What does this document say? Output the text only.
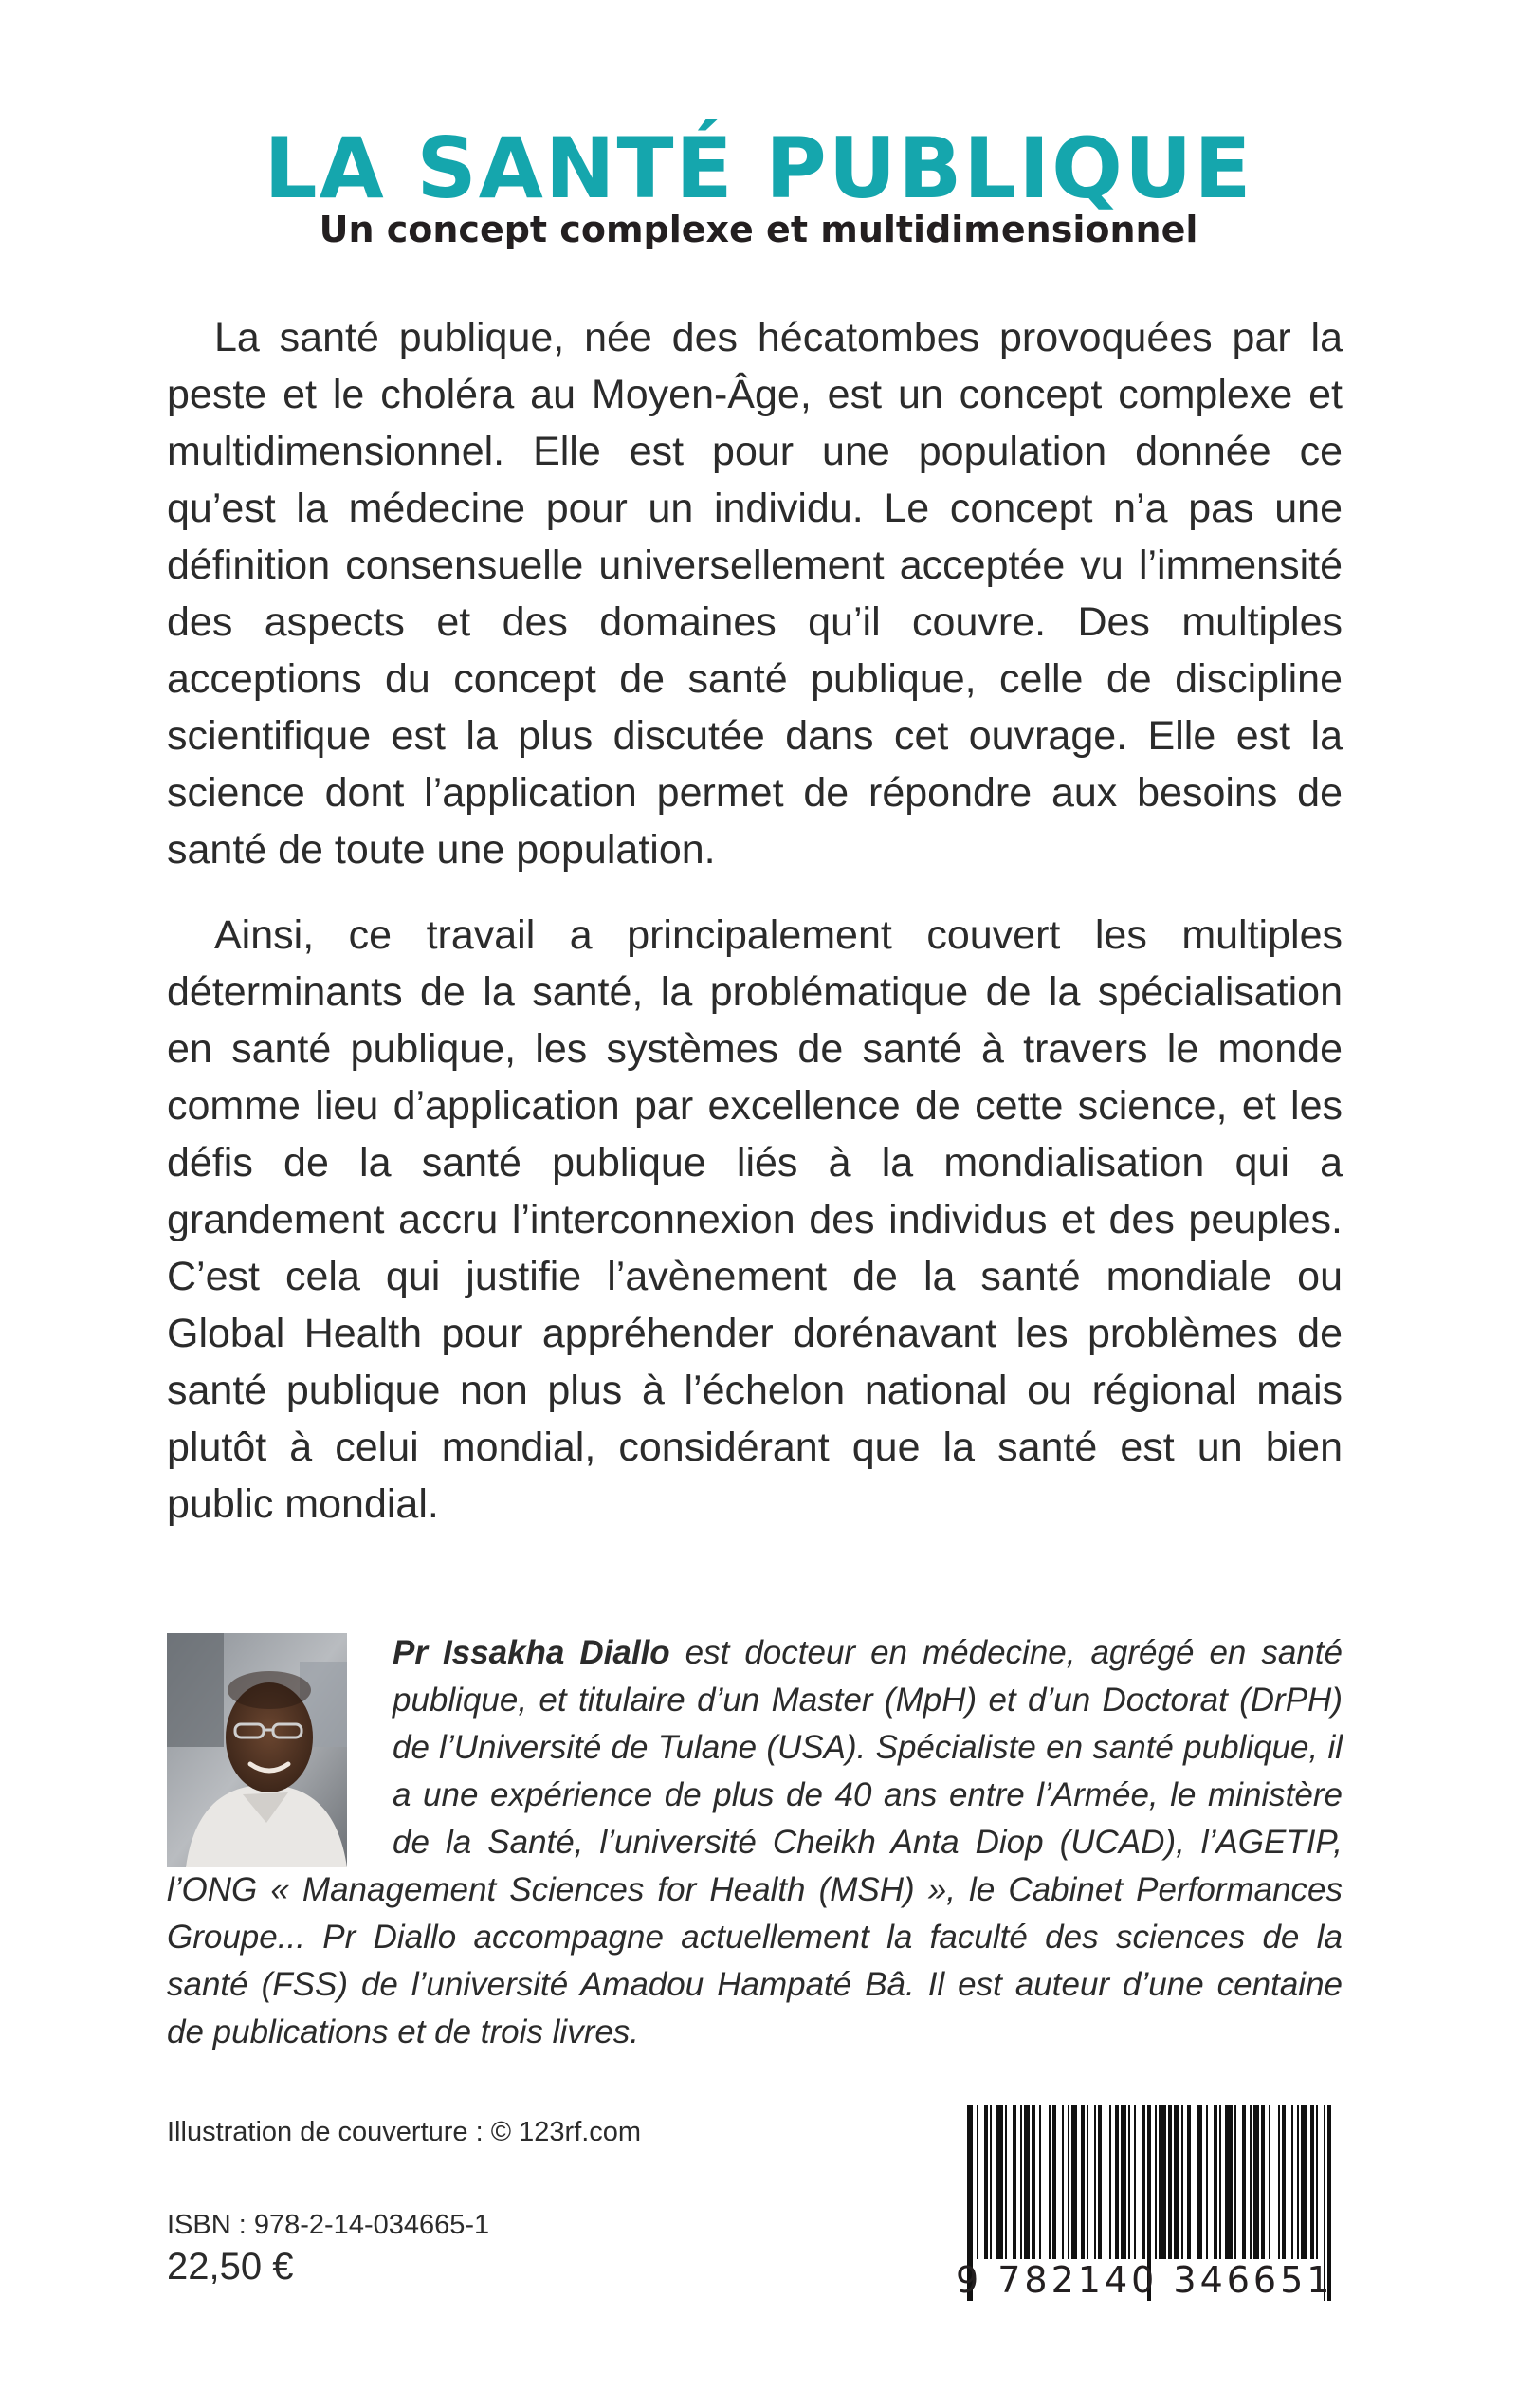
LA SANTÉ PUBLIQUE
Un concept complexe et multidimensionnel

La santé publique, née des hécatombes provoquées par la peste et le choléra au Moyen-Âge, est un concept complexe et multidimensionnel. Elle est pour une population donnée ce qu’est la médecine pour un individu. Le concept n’a pas une définition consensuelle universellement acceptée vu l’immensité des aspects et des domaines qu’il couvre. Des multiples acceptions du concept de santé publique, celle de discipline scientifique est la plus discutée dans cet ouvrage. Elle est la science dont l’application permet de répondre aux besoins de santé de toute une population.

Ainsi, ce travail a principalement couvert les multiples déterminants de la santé, la problématique de la spécialisation en santé publique, les systèmes de santé à travers le monde comme lieu d’application par excellence de cette science, et les défis de la santé publique liés à la mondialisation qui a grandement accru l’interconnexion des individus et des peuples. C’est cela qui justifie l’avènement de la santé mondiale ou Global Health pour appréhender dorénavant les problèmes de santé publique non plus à l’échelon national ou régional mais plutôt à celui mondial, considérant que la santé est un bien public mondial.

Pr Issakha Diallo est docteur en médecine, agrégé en santé publique, et titulaire d’un Master (MpH) et d’un Doctorat (DrPH) de l’Université de Tulane (USA). Spécialiste en santé publique, il a une expérience de plus de 40 ans entre l’Armée, le ministère de la Santé, l’université Cheikh Anta Diop (UCAD), l’AGETIP, l’ONG « Management Sciences for Health (MSH) », le Cabinet Performances Groupe... Pr Diallo accompagne actuellement la faculté des sciences de la santé (FSS) de l’université Amadou Hampaté Bâ. Il est auteur d’une centaine de publications et de trois livres.

Illustration de couverture : © 123rf.com
ISBN : 978-2-14-034665-1
22,50 €	9 782140 346651
